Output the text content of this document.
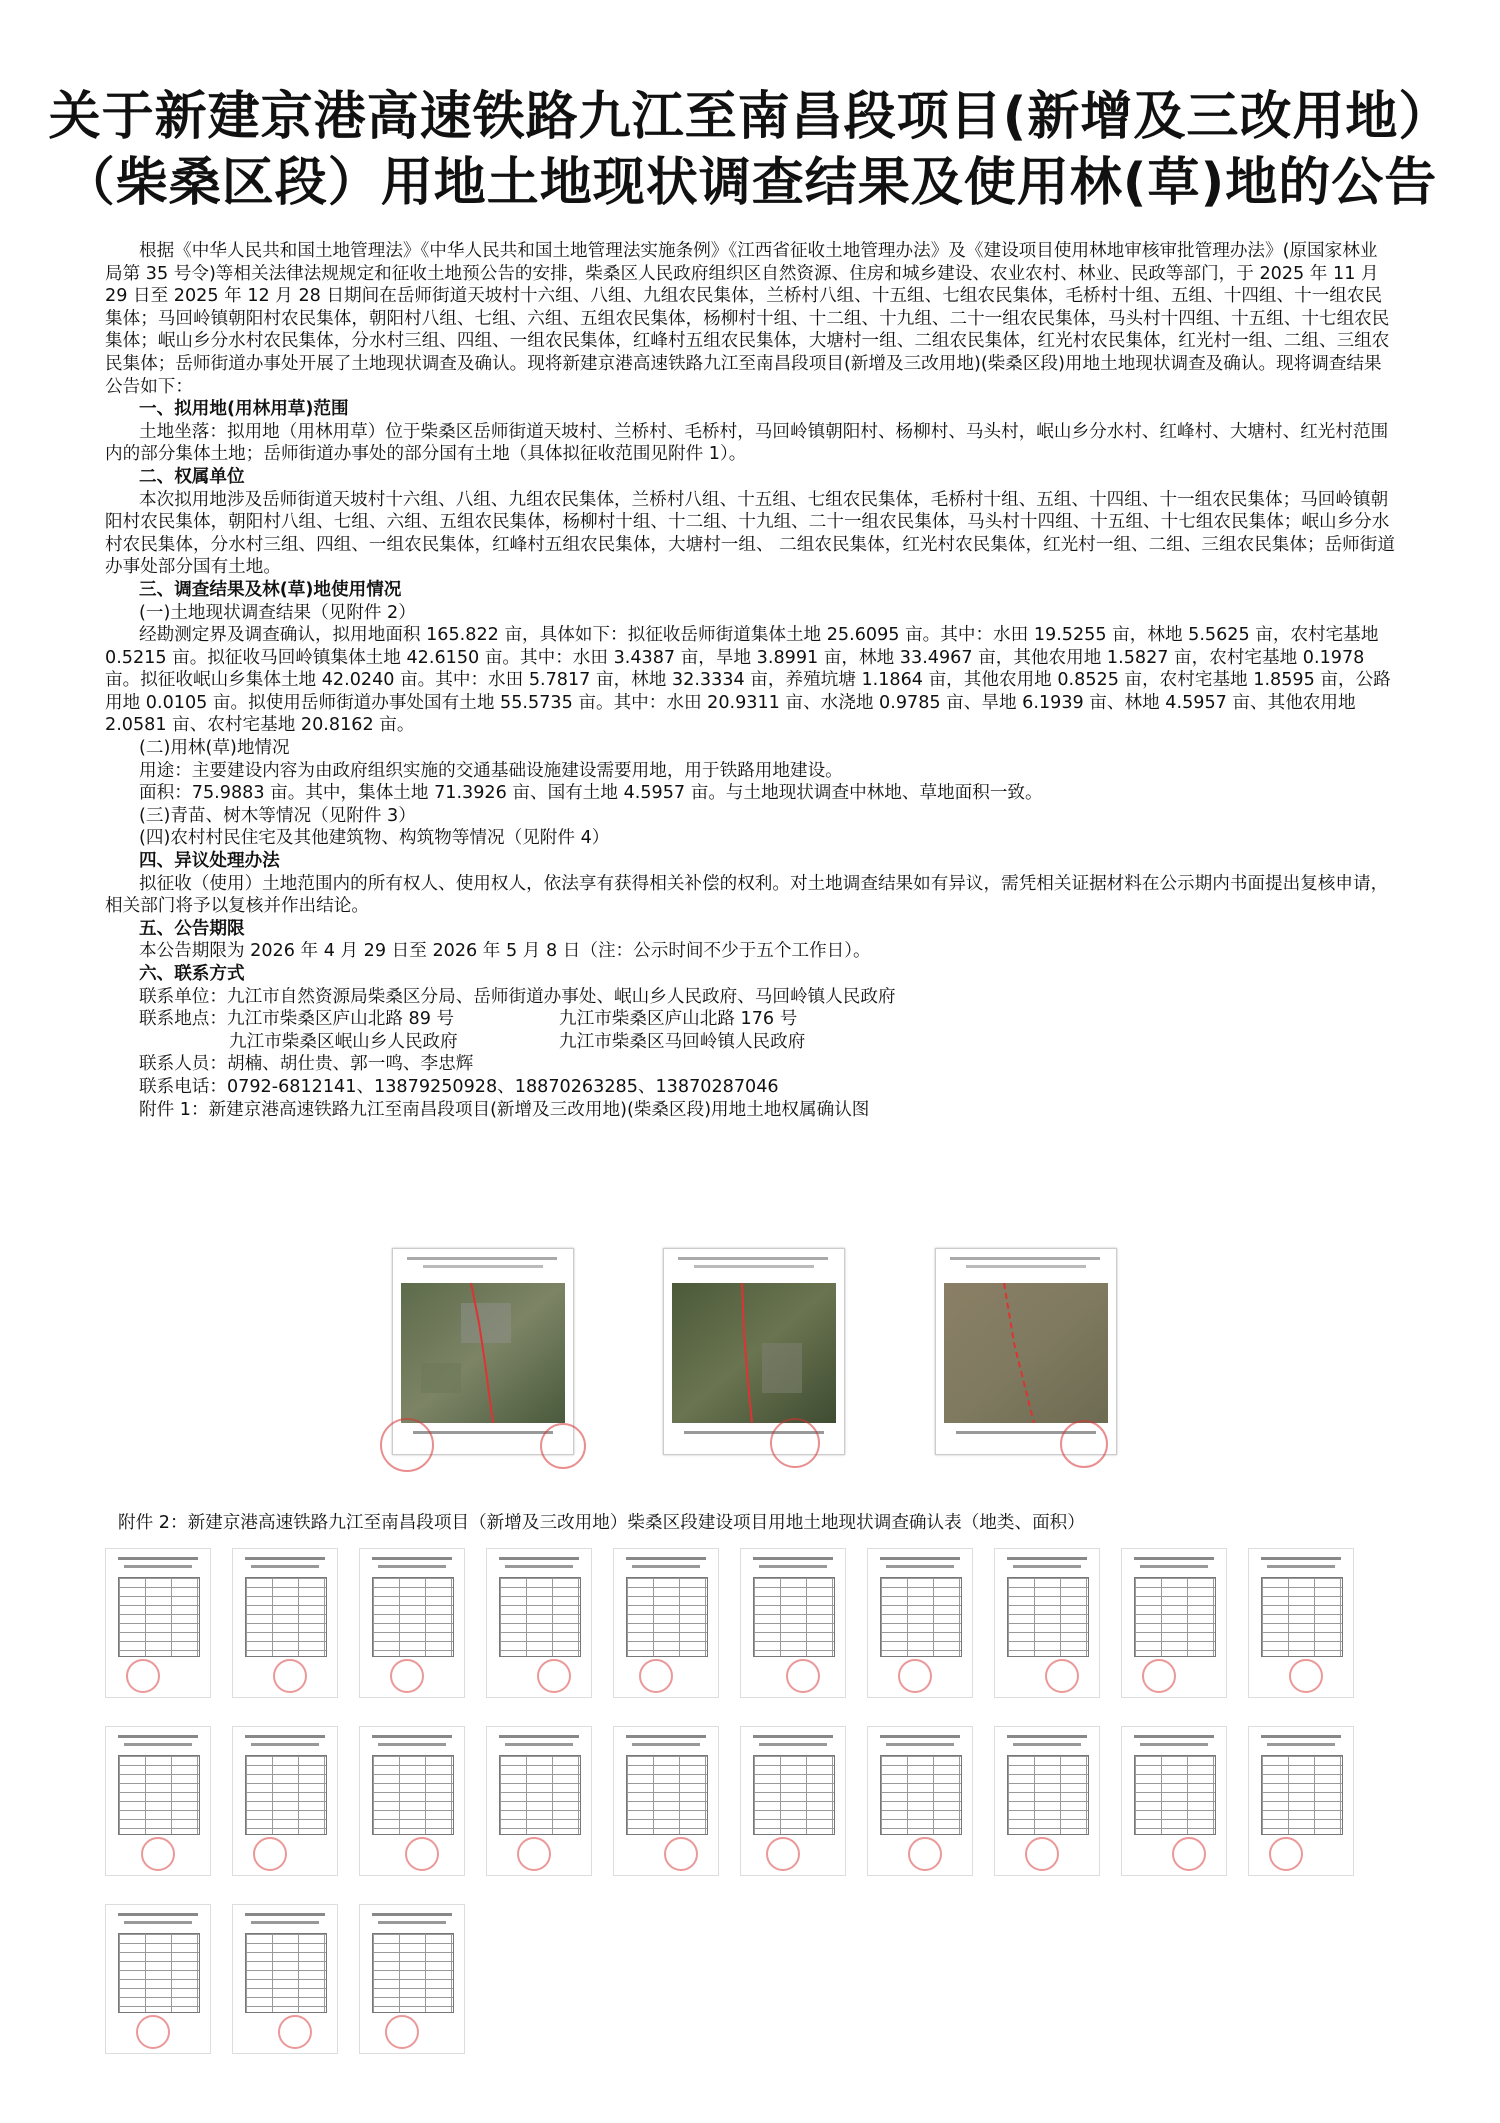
关于新建京港高速铁路九江至南昌段项目(新增及三改用地）
（柴桑区段）用地土地现状调查结果及使用林(草)地的公告

根据《中华人民共和国土地管理法》《中华人民共和国土地管理法实施条例》《江西省征收土地管理办法》及《建设项目使用林地审核审批管理办法》(原国家林业局第 35 号令)等相关法律法规规定和征收土地预公告的安排，柴桑区人民政府组织区自然资源、住房和城乡建设、农业农村、林业、民政等部门，于 2025 年 11 月 29 日至 2025 年 12 月 28 日期间在岳师街道天坡村十六组、八组、九组农民集体，兰桥村八组、十五组、七组农民集体，毛桥村十组、五组、十四组、十一组农民集体；马回岭镇朝阳村农民集体，朝阳村八组、七组、六组、五组农民集体，杨柳村十组、十二组、十九组、二十一组农民集体，马头村十四组、十五组、十七组农民集体；岷山乡分水村农民集体，分水村三组、四组、一组农民集体，红峰村五组农民集体，大塘村一组、二组农民集体，红光村农民集体，红光村一组、二组、三组农民集体；岳师街道办事处开展了土地现状调查及确认。现将新建京港高速铁路九江至南昌段项目(新增及三改用地)(柴桑区段)用地土地现状调查及确认。现将调查结果公告如下：

一、拟用地(用林用草)范围

土地坐落：拟用地（用林用草）位于柴桑区岳师街道天坡村、兰桥村、毛桥村，马回岭镇朝阳村、杨柳村、马头村，岷山乡分水村、红峰村、大塘村、红光村范围内的部分集体土地；岳师街道办事处的部分国有土地（具体拟征收范围见附件 1）。

二、权属单位

本次拟用地涉及岳师街道天坡村十六组、八组、九组农民集体，兰桥村八组、十五组、七组农民集体，毛桥村十组、五组、十四组、十一组农民集体；马回岭镇朝阳村农民集体，朝阳村八组、七组、六组、五组农民集体，杨柳村十组、十二组、十九组、二十一组农民集体，马头村十四组、十五组、十七组农民集体；岷山乡分水村农民集体，分水村三组、四组、一组农民集体，红峰村五组农民集体，大塘村一组、 二组农民集体，红光村农民集体，红光村一组、二组、三组农民集体；岳师街道办事处部分国有土地。

三、调查结果及林(草)地使用情况

(一)土地现状调查结果（见附件 2）

经勘测定界及调查确认，拟用地面积 165.822 亩，具体如下：拟征收岳师街道集体土地 25.6095 亩。其中：水田 19.5255 亩，林地 5.5625 亩，农村宅基地 0.5215 亩。拟征收马回岭镇集体土地 42.6150 亩。其中：水田 3.4387 亩，旱地 3.8991 亩，林地 33.4967 亩，其他农用地 1.5827 亩，农村宅基地 0.1978 亩。拟征收岷山乡集体土地 42.0240 亩。其中：水田 5.7817 亩，林地 32.3334 亩，养殖坑塘 1.1864 亩，其他农用地 0.8525 亩，农村宅基地 1.8595 亩，公路用地 0.0105 亩。拟使用岳师街道办事处国有土地 55.5735 亩。其中：水田 20.9311 亩、水浇地 0.9785 亩、旱地 6.1939 亩、林地 4.5957 亩、其他农用地 2.0581 亩、农村宅基地 20.8162 亩。

(二)用林(草)地情况

用途：主要建设内容为由政府组织实施的交通基础设施建设需要用地，用于铁路用地建设。

面积：75.9883 亩。其中，集体土地 71.3926 亩、国有土地 4.5957 亩。与土地现状调查中林地、草地面积一致。

(三)青苗、树木等情况（见附件 3）

(四)农村村民住宅及其他建筑物、构筑物等情况（见附件 4）

四、异议处理办法

拟征收（使用）土地范围内的所有权人、使用权人，依法享有获得相关补偿的权利。对土地调查结果如有异议，需凭相关证据材料在公示期内书面提出复核申请，相关部门将予以复核并作出结论。

五、公告期限

本公告期限为 2026 年 4 月 29 日至 2026 年 5 月 8 日（注：公示时间不少于五个工作日）。

六、联系方式

联系单位：九江市自然资源局柴桑区分局、岳师街道办事处、岷山乡人民政府、马回岭镇人民政府

联系地点：九江市柴桑区庐山北路 89 号	九江市柴桑区庐山北路 176 号
九江市柴桑区岷山乡人民政府	九江市柴桑区马回岭镇人民政府

联系人员：胡楠、胡仕贵、郭一鸣、李忠辉

联系电话：0792-6812141、13879250928、18870263285、13870287046

附件 1：新建京港高速铁路九江至南昌段项目(新增及三改用地)(柴桑区段)用地土地权属确认图

附件 2：新建京港高速铁路九江至南昌段项目（新增及三改用地）柴桑区段建设项目用地土地现状调查确认表（地类、面积）
